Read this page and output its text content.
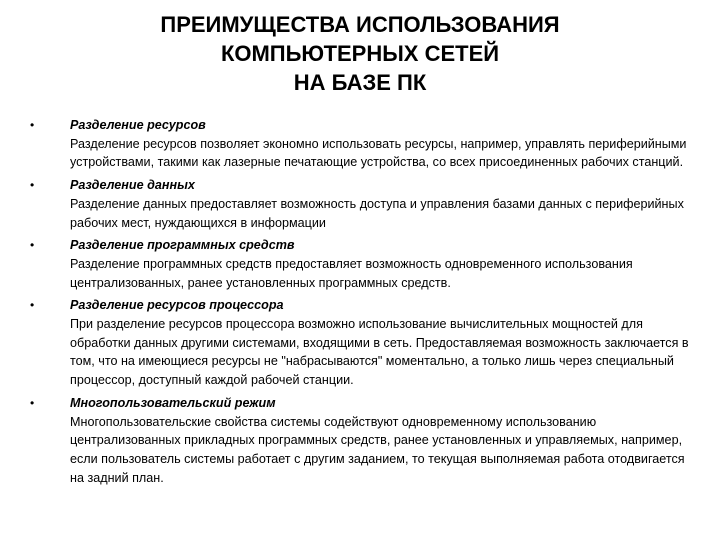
ПРЕИМУЩЕСТВА ИСПОЛЬЗОВАНИЯ
КОМПЬЮТЕРНЫХ СЕТЕЙ
НА БАЗЕ ПК
•	Разделение ресурсов
Разделение ресурсов позволяет экономно использовать ресурсы, например, управлять периферийными устройствами, такими как лазерные печатающие устройства, со всех присоединенных рабочих станций.
•	Разделение данных
Разделение данных предоставляет возможность доступа и управления базами данных с периферийных рабочих мест, нуждающихся в информации
•	Разделение программных средств
Разделение программных средств предоставляет возможность одновременного использования централизованных, ранее установленных программных средств.
•	Разделение ресурсов процессора
При разделение ресурсов процессора возможно использование вычислительных мощностей для обработки данных другими системами, входящими в сеть. Предоставляемая возможность заключается в том, что на имеющиеся ресурсы не "набрасываются" моментально, а только лишь через специальный процессор, доступный каждой рабочей станции.
•	Многопользовательский режим
Многопользовательские свойства системы содействуют одновременному использованию централизованных прикладных программных средств, ранее установленных и управляемых, например, если пользователь системы работает с другим заданием, то текущая выполняемая работа отодвигается на задний план.
